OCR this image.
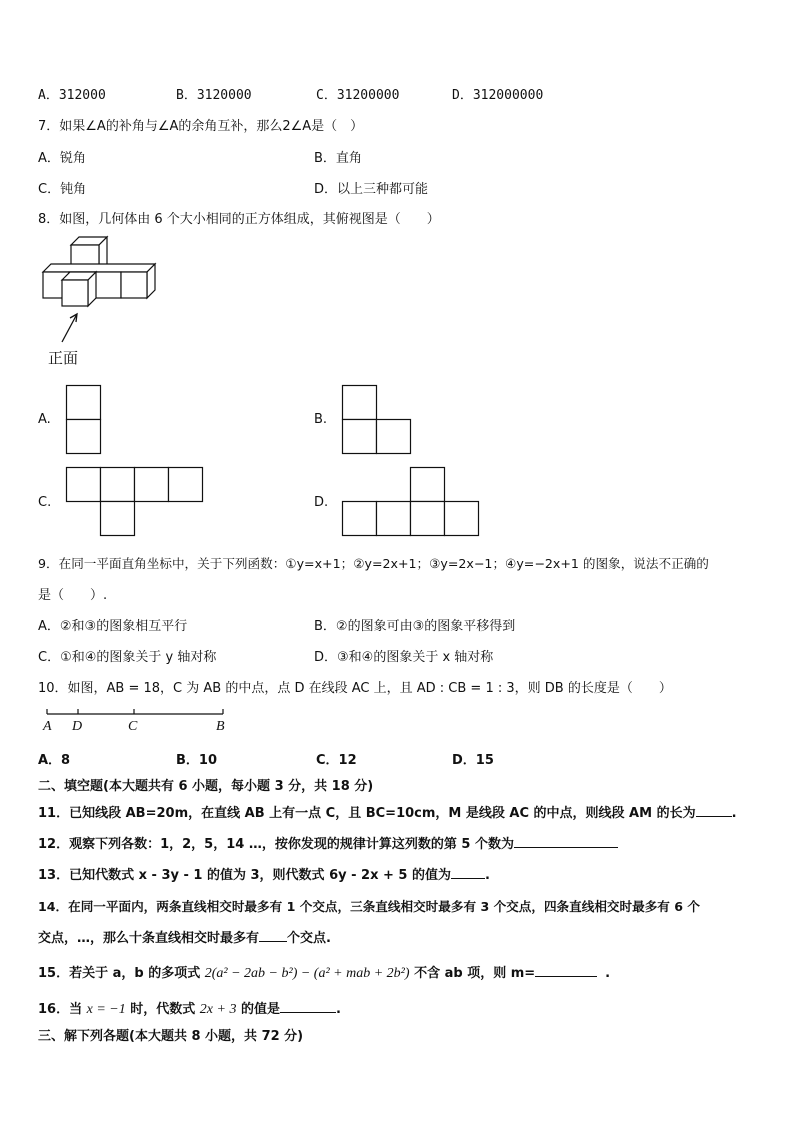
A．312000	B．3120000	C．31200000	D．312000000
7．如果∠A的补角与∠A的余角互补，那么2∠A是（　）
A．锐角	B．直角
C．钝角	D．以上三种都可能
8．如图，几何体由 6 个大小相同的正方体组成，其俯视图是（　　）
正面
A.	B.
C.	D.
9．在同一平面直角坐标中，关于下列函数：①y=x+1；②y=2x+1；③y=2x−1；④y=−2x+1 的图象，说法不正确的
是（　　）.
A．②和③的图象相互平行	B．②的图象可由③的图象平移得到
C．①和④的图象关于 y 轴对称	D．③和④的图象关于 x 轴对称
10．如图，AB = 18，C 为 AB 的中点，点 D 在线段 AC 上，且 AD : CB = 1 : 3，则 DB 的长度是（　　）
A D	C	B
A．8	B．10	C．12	D．15
二、填空题(本大题共有 6 小题，每小题 3 分，共 18 分)
11．已知线段 AB=20m，在直线 AB 上有一点 C，且 BC=10cm，M 是线段 AC 的中点，则线段 AM 的长为	.
12．观察下列各数：1，2，5，14 …，按你发现的规律计算这列数的第 5 个数为
13．已知代数式 x - 3y - 1 的值为 3，则代数式 6y - 2x + 5 的值为	.
14．在同一平面内，两条直线相交时最多有 1 个交点，三条直线相交时最多有 3 个交点，四条直线相交时最多有 6 个
交点，…，那么十条直线相交时最多有 个交点.
15．若关于 a，b 的多项式 2(a² − 2ab − b²) − (a² + mab + 2b²) 不含 ab 项，则 m=	.
16．当 x = −1 时，代数式 2x + 3 的值是	.
三、解下列各题(本大题共 8 小题，共 72 分)
